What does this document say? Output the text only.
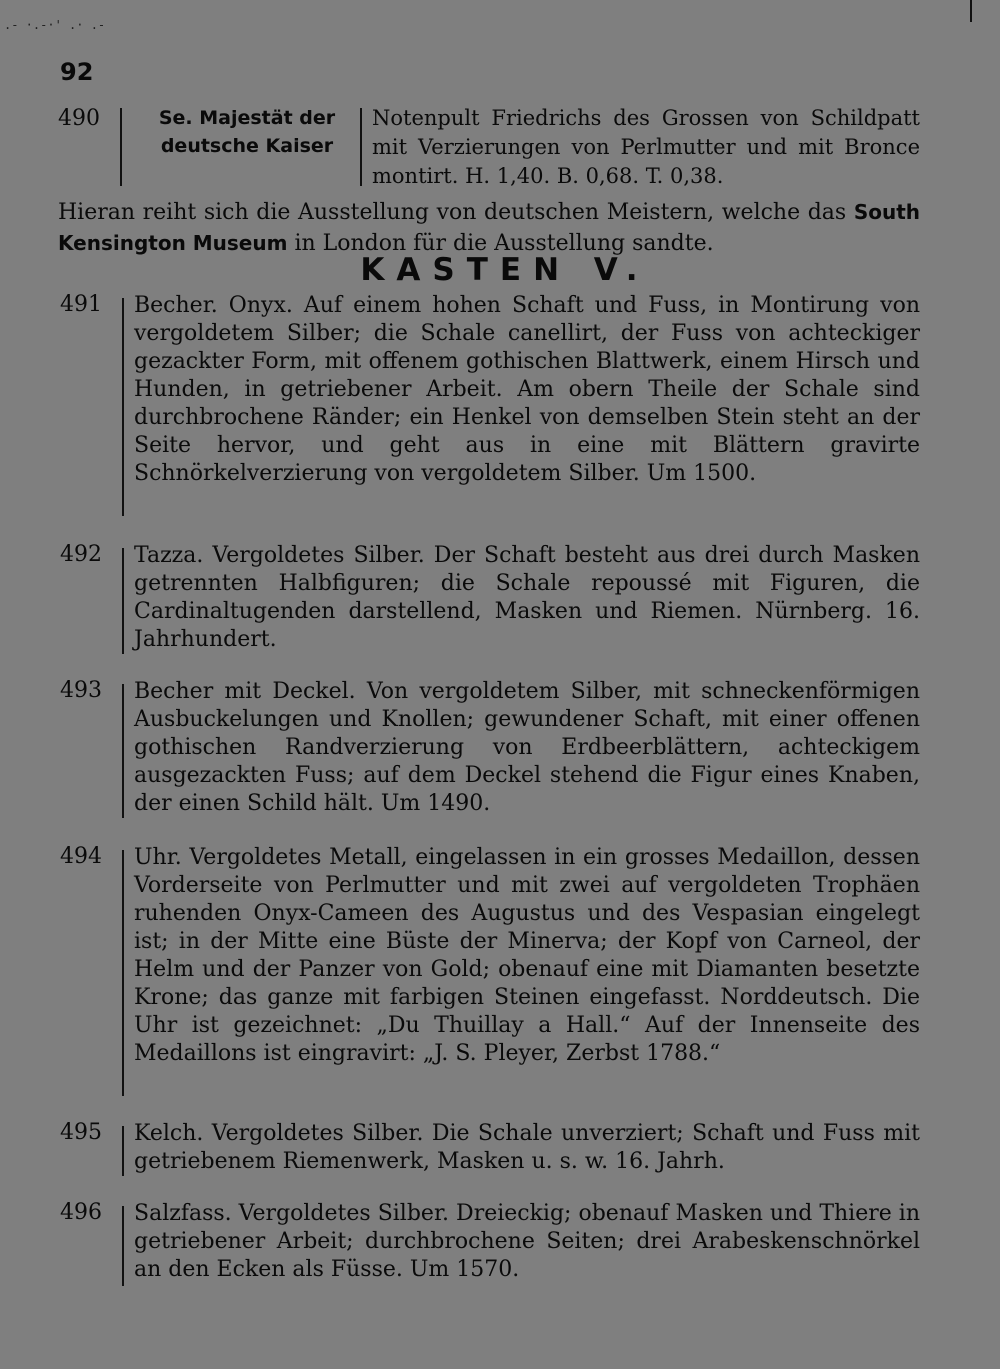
.- ·.-·' .· .-
92
490	Se. Majestät der
deutsche Kaiser
Notenpult Friedrichs des Grossen von Schildpatt mit Verzierungen von Perlmutter und mit Bronce montirt. H. 1,40. B. 0,68. T. 0,38.
Hieran reiht sich die Ausstellung von deutschen Meistern, welche das South Kensington Museum in London für die Ausstellung sandte.
KASTEN V.
491 Becher. Onyx. Auf einem hohen Schaft und Fuss, in Montirung von vergoldetem Silber; die Schale canellirt, der Fuss von achteckiger gezackter Form, mit offenem gothischen Blattwerk, einem Hirsch und Hunden, in getriebener Arbeit. Am obern Theile der Schale sind durchbrochene Ränder; ein Henkel von demselben Stein steht an der Seite hervor, und geht aus in eine mit Blättern gravirte Schnörkelverzierung von vergoldetem Silber. Um 1500.
492 Tazza. Vergoldetes Silber. Der Schaft besteht aus drei durch Masken getrennten Halbfiguren; die Schale repoussé mit Figuren, die Cardinaltugenden darstellend, Masken und Riemen. Nürnberg. 16. Jahrhundert.
493 Becher mit Deckel. Von vergoldetem Silber, mit schneckenförmigen Ausbuckelungen und Knollen; gewundener Schaft, mit einer offenen gothischen Randverzierung von Erdbeerblättern, achteckigem ausgezackten Fuss; auf dem Deckel stehend die Figur eines Knaben, der einen Schild hält. Um 1490.
494 Uhr. Vergoldetes Metall, eingelassen in ein grosses Medaillon, dessen Vorderseite von Perlmutter und mit zwei auf vergoldeten Trophäen ruhenden Onyx-Cameen des Augustus und des Vespasian eingelegt ist; in der Mitte eine Büste der Minerva; der Kopf von Carneol, der Helm und der Panzer von Gold; obenauf eine mit Diamanten besetzte Krone; das ganze mit farbigen Steinen eingefasst. Norddeutsch. Die Uhr ist gezeichnet: „Du Thuillay a Hall.“ Auf der Innenseite des Medaillons ist eingravirt: „J. S. Pleyer, Zerbst 1788.“
495 Kelch. Vergoldetes Silber. Die Schale unverziert; Schaft und Fuss mit getriebenem Riemenwerk, Masken u. s. w. 16. Jahrh.
496 Salzfass. Vergoldetes Silber. Dreieckig; obenauf Masken und Thiere in getriebener Arbeit; durchbrochene Seiten; drei Arabeskenschnörkel an den Ecken als Füsse. Um 1570.
